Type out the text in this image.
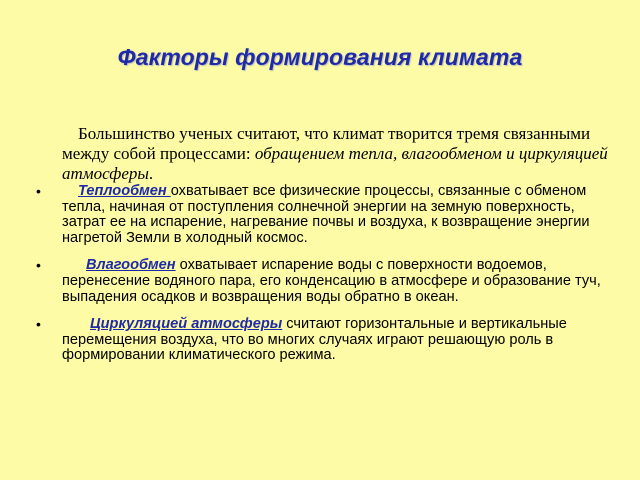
Факторы формирования климата
Большинство ученых считают, что климат творится тремя связанными между собой процессами: обращением тепла, влагообменом и циркуляцией атмосферы.
•	Теплообмен охватывает все физические процессы, связанные с обменом тепла, начиная от поступления солнечной энергии на земную поверхность, затрат ее на испарение, нагревание почвы и воздуха, к возвращение энергии нагретой Земли в холодный космос.
•	Влагообмен охватывает испарение воды с поверхности водоемов, перенесение водяного пара, его конденсацию в атмосфере и образование туч, выпадения осадков и возвращения воды обратно в океан.
•	Циркуляцией атмосферы считают горизонтальные и вертикальные перемещения воздуха, что во многих случаях играют решающую роль в формировании климатического режима.
